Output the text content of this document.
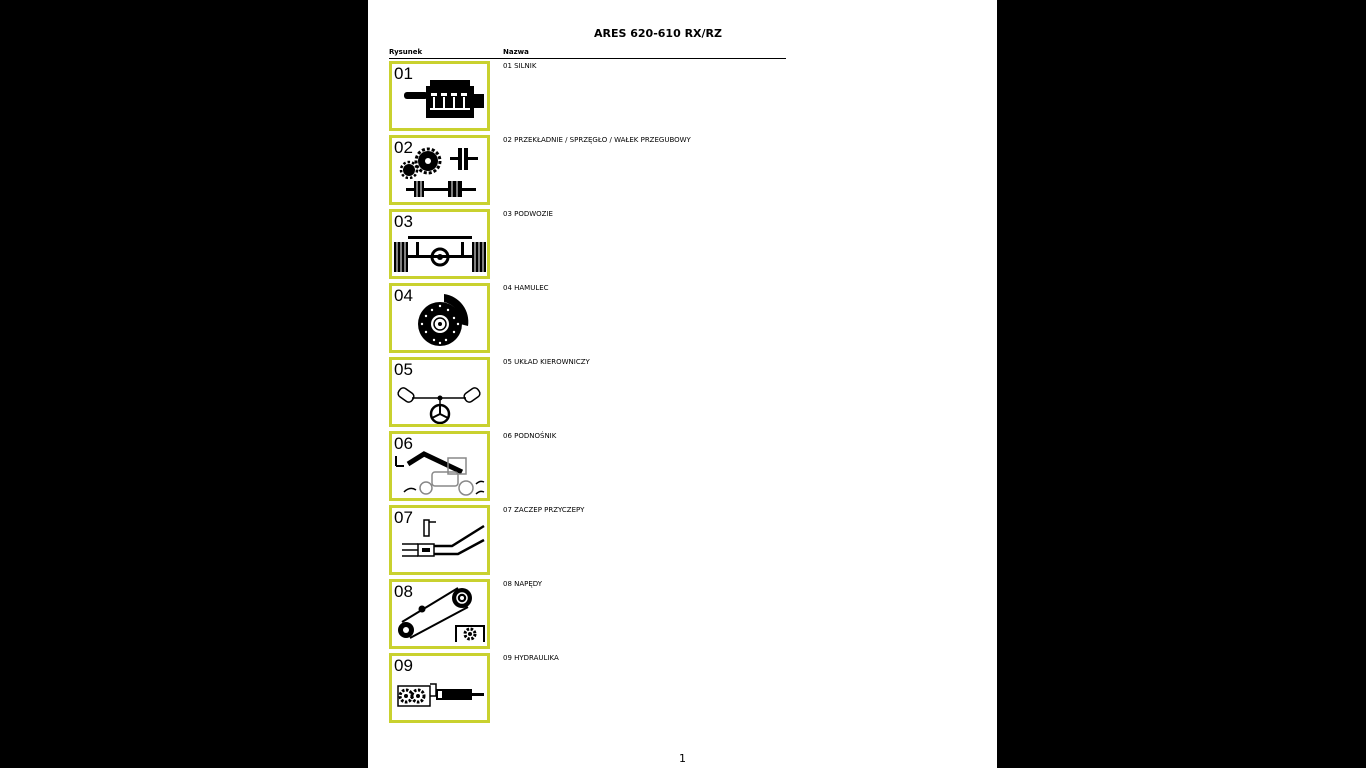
ARES 620-610 RX/RZ
Rysunek	Nazwa
01	01 SILNIK
02	02 PRZEKŁADNIE / SPRZĘGŁO / WAŁEK PRZEGUBOWY
03	03 PODWOZIE
04	04 HAMULEC
05	05 UKŁAD KIEROWNICZY
06	06 PODNOŚNIK
07	07 ZACZEP PRZYCZEPY
08	08 NAPĘDY
09	09 HYDRAULIKA
1
